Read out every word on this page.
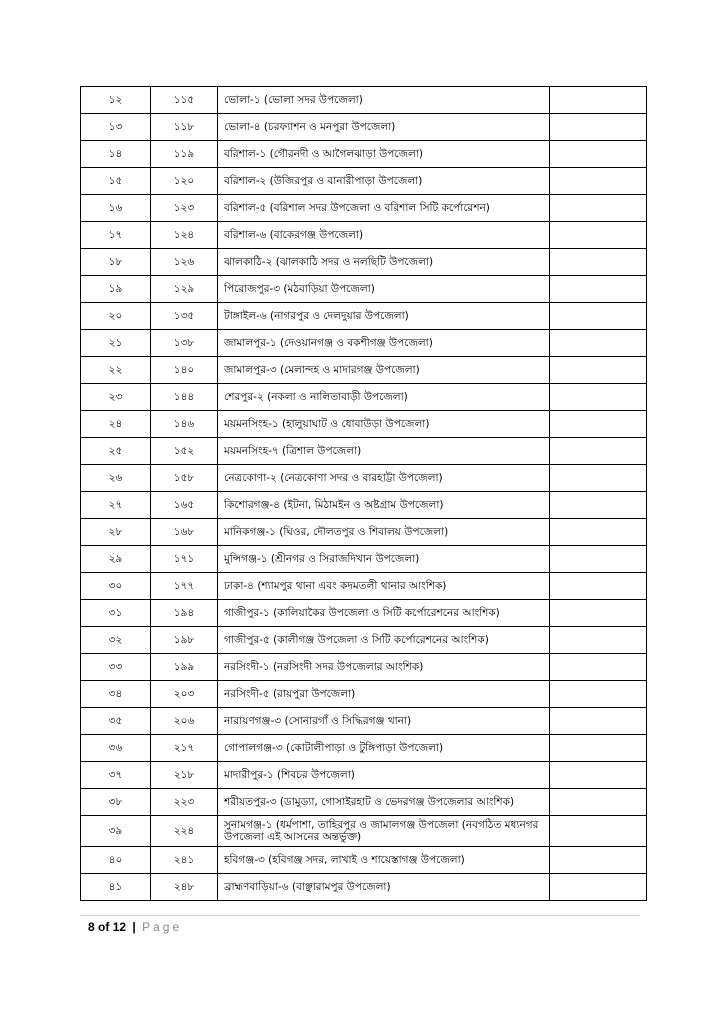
১২	১১৫	ভোলা-১ (ভোলা সদর উপজেলা)	
১৩	১১৮	ভোলা-৪ (চরফ্যাশন ও মনপুরা উপজেলা)	
১৪	১১৯	বরিশাল-১ (গৌরনদী ও আগৈলঝাড়া উপজেলা)	
১৫	১২০	বরিশাল-২ (উজিরপুর ও বানারীপাড়া উপজেলা)	
১৬	১২৩	বরিশাল-৫ (বরিশাল সদর উপজেলা ও বরিশাল সিটি কর্পোরেশন)	
১৭	১২৪	বরিশাল-৬ (বাকেরগঞ্জ উপজেলা)	
১৮	১২৬	ঝালকাঠি-২ (ঝালকাঠি সদর ও নলছিটি উপজেলা)	
১৯	১২৯	পিরোজপুর-৩ (মঠবাড়িয়া উপজেলা)	
২০	১৩৫	টাঙ্গাইল-৬ (নাগরপুর ও দেলদুয়ার উপজেলা)	
২১	১৩৮	জামালপুর-১ (দেওয়ানগঞ্জ ও বকশীগঞ্জ উপজেলা)	
২২	১৪০	জামালপুর-৩ (মেলান্দহ ও মাদারগঞ্জ উপজেলা)	
২৩	১৪৪	শেরপুর-২ (নকলা ও নালিতাবাড়ী উপজেলা)	
২৪	১৪৬	ময়মনসিংহ-১ (হালুয়াঘাট ও ধোবাউড়া উপজেলা)	
২৫	১৫২	ময়মনসিংহ-৭ (ত্রিশাল উপজেলা)	
২৬	১৫৮	নেত্রকোণা-২ (নেত্রকোণা সদর ও বারহাট্টা উপজেলা)	
২৭	১৬৫	কিশোরগঞ্জ-৪ (ইটনা, মিঠামইন ও অষ্টগ্রাম উপজেলা)	
২৮	১৬৮	মানিকগঞ্জ-১ (ঘিওর, দৌলতপুর ও শিবালয় উপজেলা)	
২৯	১৭১	মুন্সিগঞ্জ-১ (শ্রীনগর ও সিরাজদিখান উপজেলা)	
৩০	১৭৭	ঢাকা-৪ (শ্যামপুর থানা এবং কদমতলী থানার আংশিক)	
৩১	১৯৪	গাজীপুর-১ (কালিয়াকৈর উপজেলা ও সিটি কর্পোরেশনের আংশিক)	
৩২	১৯৮	গাজীপুর-৫ (কালীগঞ্জ উপজেলা ও সিটি কর্পোরেশনের আংশিক)	
৩৩	১৯৯	নরসিংদী-১ (নরসিংদী সদর উপজেলার আংশিক)	
৩৪	২০৩	নরসিংদী-৫ (রায়পুরা উপজেলা)	
৩৫	২০৬	নারায়ণগঞ্জ-৩ (সোনারগাঁ ও সিদ্ধিরগঞ্জ থানা)	
৩৬	২১৭	গোপালগঞ্জ-৩ (কোটালীপাড়া ও টুঙ্গিপাড়া উপজেলা)	
৩৭	২১৮	মাদারীপুর-১ (শিবচর উপজেলা)	
৩৮	২২৩	শরীয়তপুর-৩ (ডামুড্যা, গোসাইরহাট ও ভেদরগঞ্জ উপজেলার আংশিক)	
৩৯	২২৪	সুনামগঞ্জ-১ (ধর্মপাশা, তাহিরপুর ও জামালগঞ্জ উপজেলা (নবগঠিত মধ্যনগর উপজেলা এই আসনের অন্তর্ভুক্ত)	
৪০	২৪১	হবিগঞ্জ-৩ (হবিগঞ্জ সদর, লাখাই ও শায়েস্তাগঞ্জ উপজেলা)	
৪১	২৪৮	ব্রাহ্মণবাড়িয়া-৬ (বাঞ্ছারামপুর উপজেলা)	
8 of 12 | Page
